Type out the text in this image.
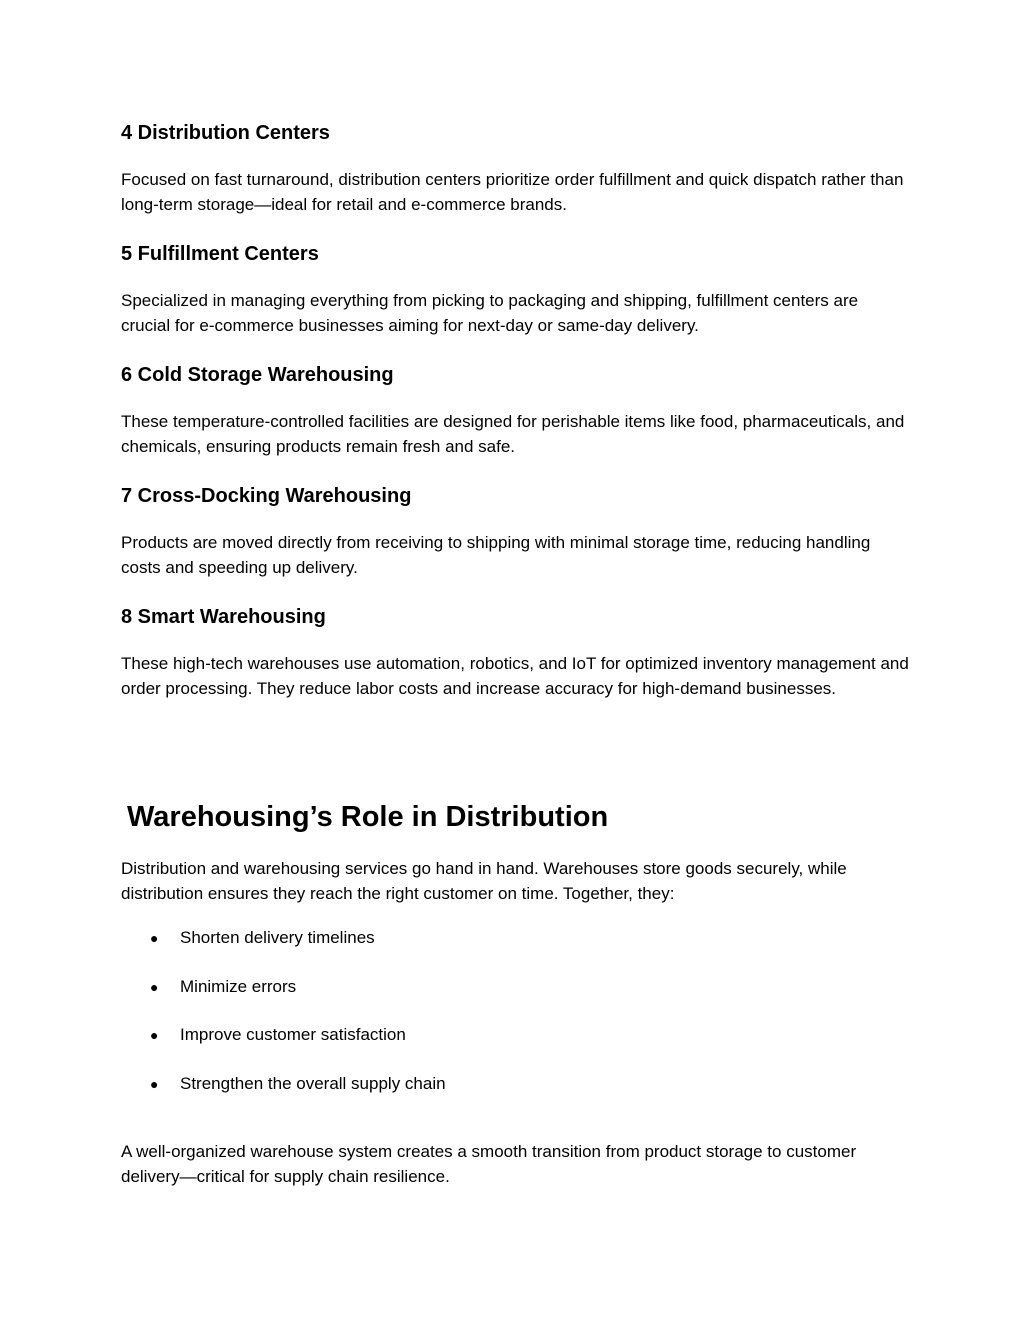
4 Distribution Centers

Focused on fast turnaround, distribution centers prioritize order fulfillment and quick dispatch rather than long-term storage—ideal for retail and e-commerce brands.

5 Fulfillment Centers

Specialized in managing everything from picking to packaging and shipping, fulfillment centers are crucial for e-commerce businesses aiming for next-day or same-day delivery.

6 Cold Storage Warehousing

These temperature-controlled facilities are designed for perishable items like food, pharmaceuticals, and chemicals, ensuring products remain fresh and safe.

7 Cross-Docking Warehousing

Products are moved directly from receiving to shipping with minimal storage time, reducing handling costs and speeding up delivery.

8 Smart Warehousing

These high-tech warehouses use automation, robotics, and IoT for optimized inventory management and order processing. They reduce labor costs and increase accuracy for high-demand businesses.

Warehousing’s Role in Distribution

Distribution and warehousing services go hand in hand. Warehouses store goods securely, while distribution ensures they reach the right customer on time. Together, they:

●	Shorten delivery timelines
●	Minimize errors
●	Improve customer satisfaction
●	Strengthen the overall supply chain

A well-organized warehouse system creates a smooth transition from product storage to customer delivery—critical for supply chain resilience.
